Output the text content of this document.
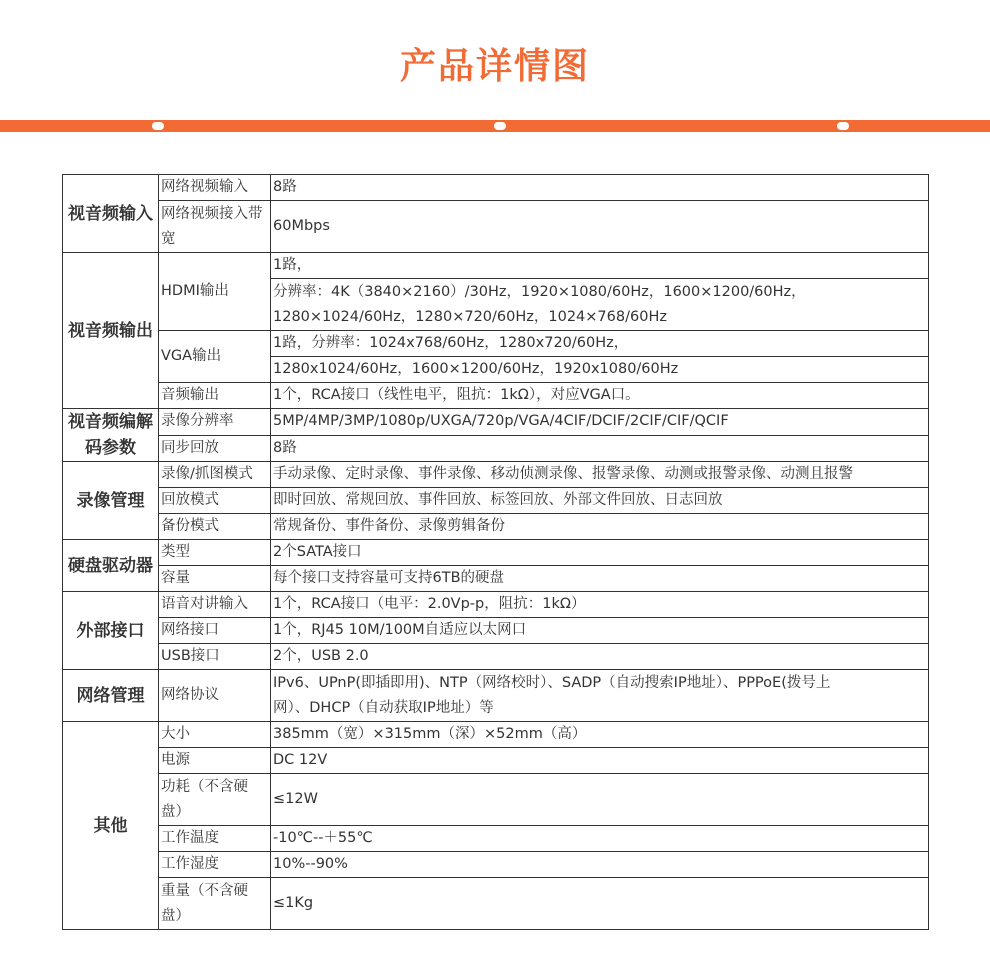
产品详情图
视音频输入	网络视频输入	8路
	网络视频接入带宽	60Mbps
视音频输出	HDMI输出	1路，

		分辨率：4K（3840×2160）/30Hz，1920×1080/60Hz，1600×1200/60Hz，
1280×1024/60Hz，1280×720/60Hz，1024×768/60Hz

	VGA输出	1路，分辨率：1024x768/60Hz，1280x720/60Hz，
		1280x1024/60Hz，1600×1200/60Hz，1920x1080/60Hz
	音频输出	1个，RCA接口（线性电平，阻抗：1kΩ），对应VGA口。
视音频编解码参数	录像分辨率	5MP/4MP/3MP/1080p/UXGA/720p/VGA/4CIF/DCIF/2CIF/CIF/QCIF
	同步回放	8路
录像管理	录像/抓图模式	手动录像、定时录像、事件录像、移动侦测录像、报警录像、动测或报警录像、动测且报警
	回放模式	即时回放、常规回放、事件回放、标签回放、外部文件回放、日志回放
	备份模式	常规备份、事件备份、录像剪辑备份
硬盘驱动器	类型	2个SATA接口
	容量	每个接口支持容量可支持6TB的硬盘
外部接口	语音对讲输入	1个，RCA接口（电平：2.0Vp-p，阻抗：1kΩ）
	网络接口	1个，RJ45 10M/100M自适应以太网口
	USB接口	2个，USB 2.0
网络管理	网络协议	IPv6、UPnP(即插即用)、NTP（网络校时）、SADP（自动搜索IP地址）、PPPoE(拨号上
网）、DHCP（自动获取IP地址）等

其他	大小	385mm（宽）×315mm（深）×52mm（高）
	电源	DC 12V
	功耗（不含硬盘）	≤12W
	工作温度	-10℃--＋55℃
	工作湿度	10%--90%
	重量（不含硬盘）	≤1Kg
